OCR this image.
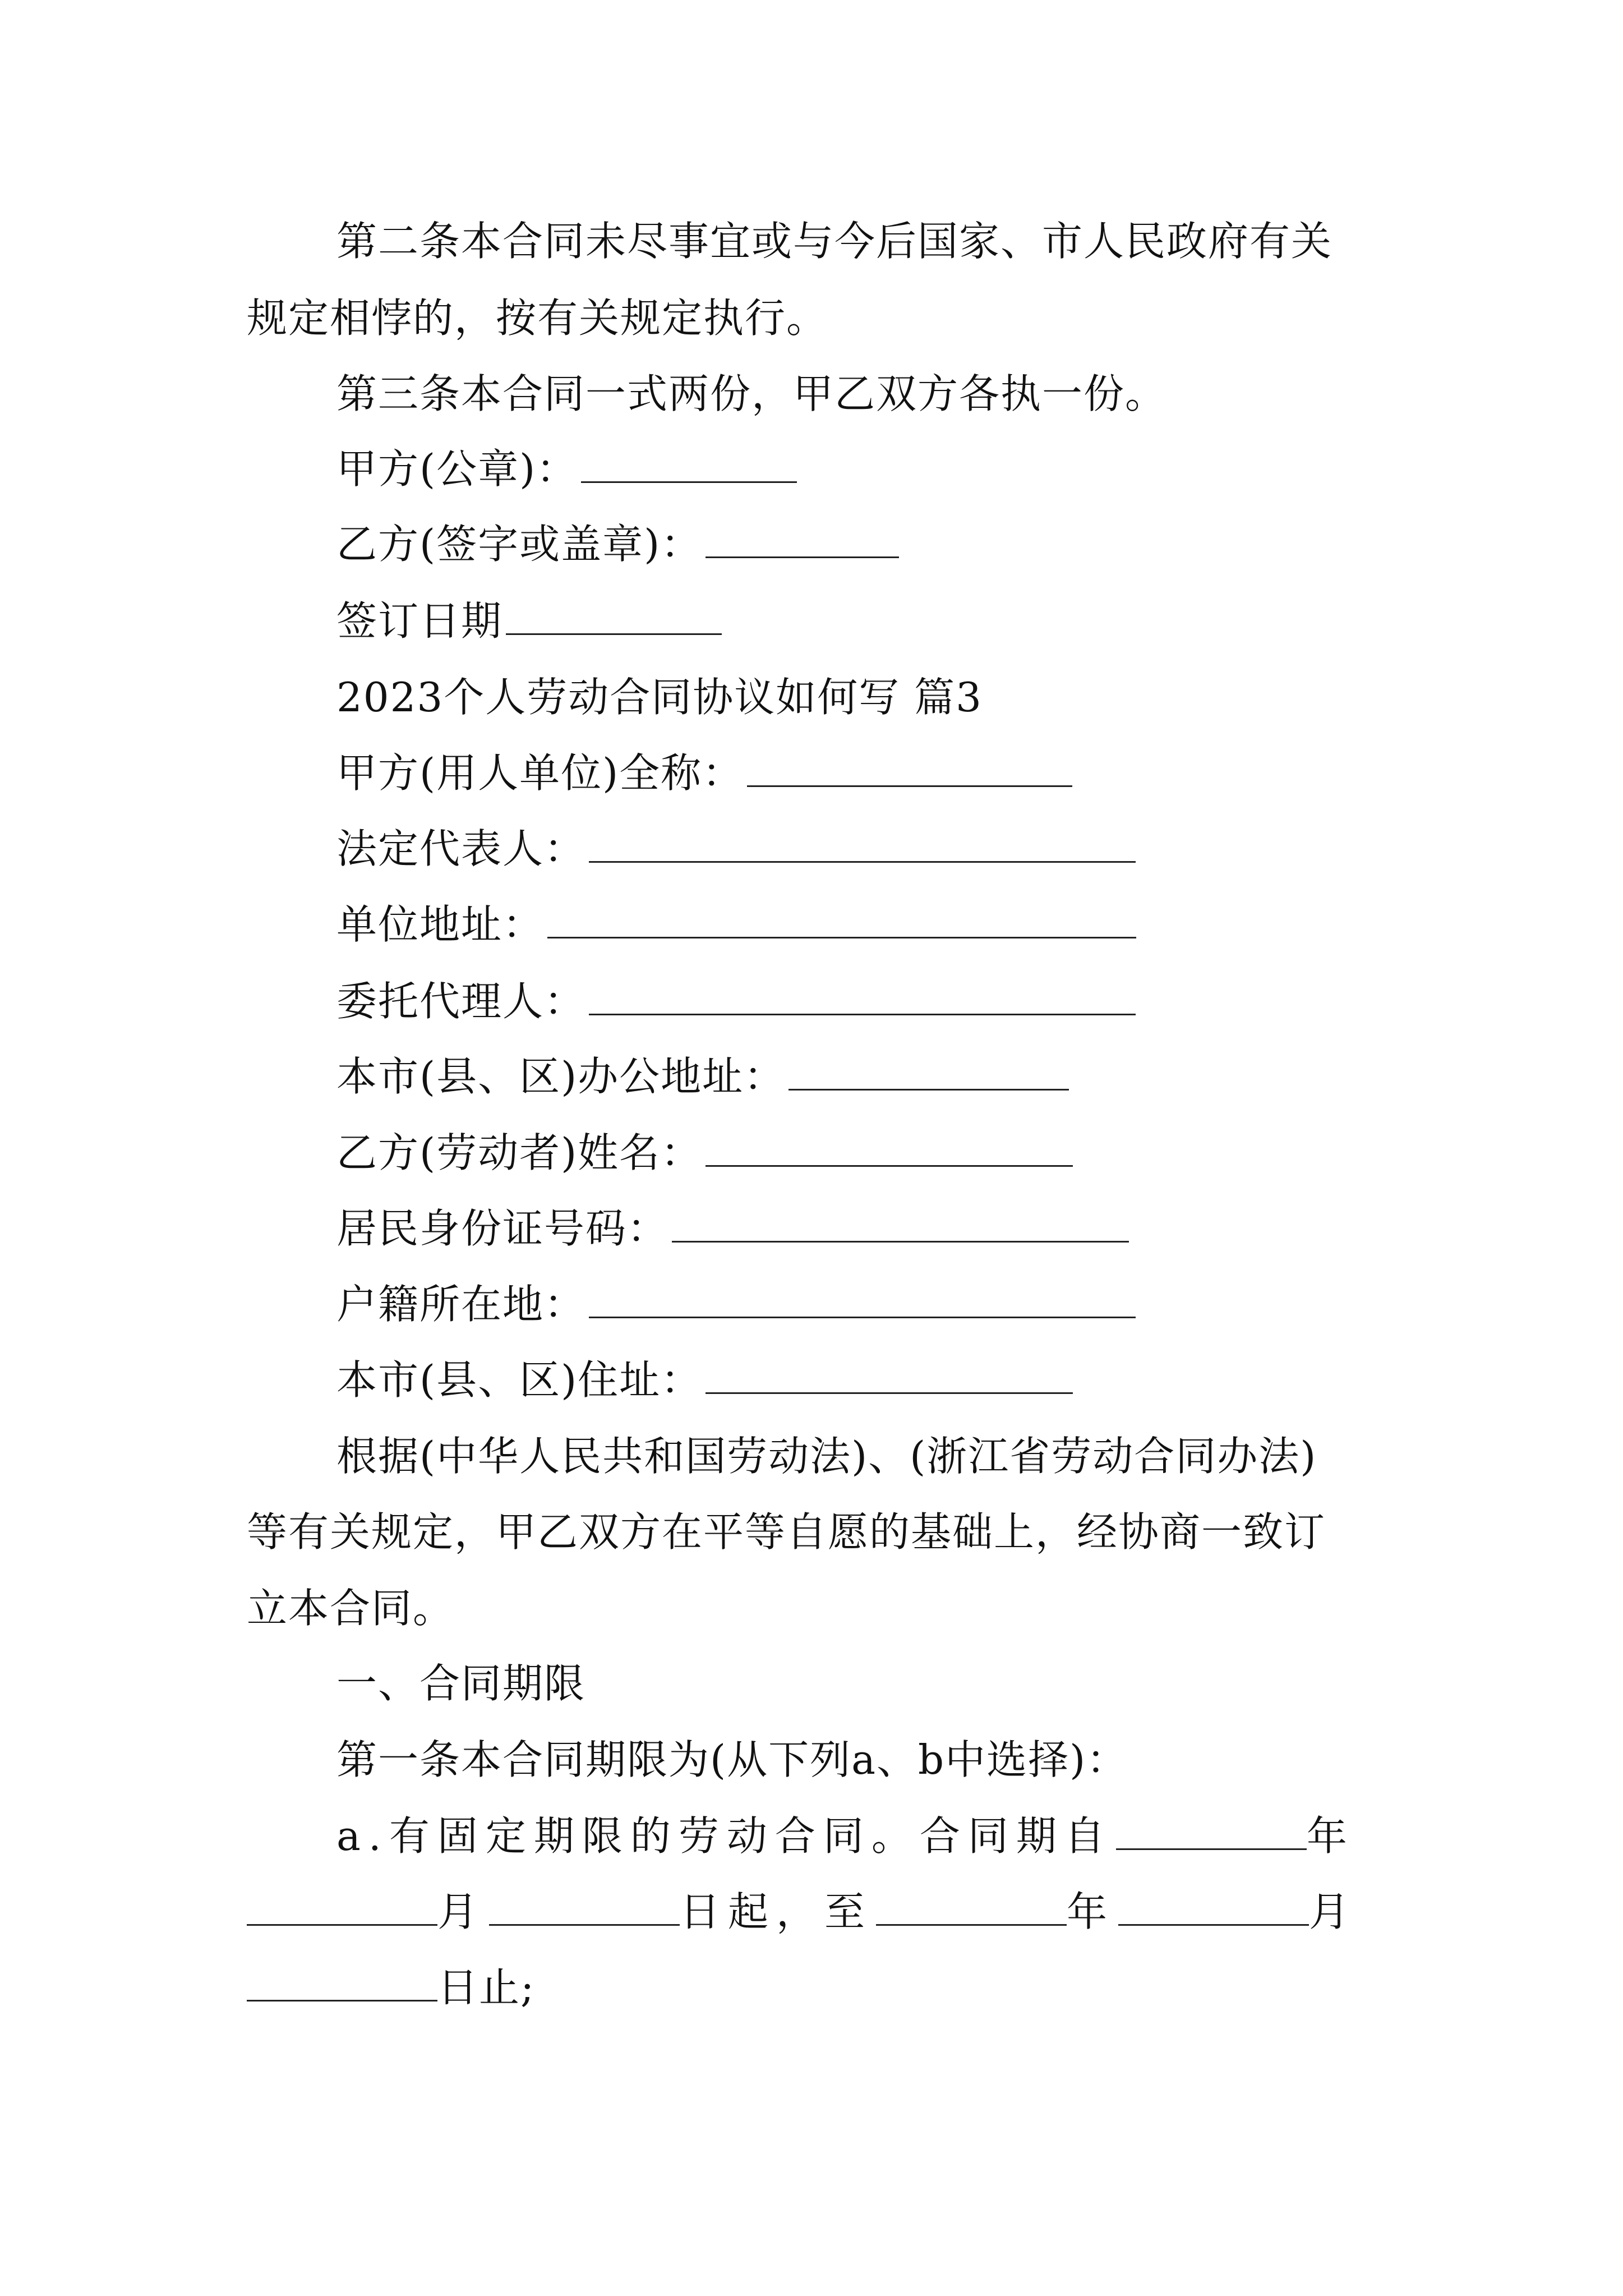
第二条本合同未尽事宜或与今后国家、市人民政府有关
规定相悖的，按有关规定执行。
第三条本合同一式两份，甲乙双方各执一份。
甲方(公章)：
乙方(签字或盖章)：
签订日期
2023个人劳动合同协议如何写 篇3
甲方(用人单位)全称：
法定代表人：
单位地址：
委托代理人：
本市(县、区)办公地址：
乙方(劳动者)姓名：
居民身份证号码：
户籍所在地：
本市(县、区)住址：
根据(中华人民共和国劳动法)、(浙江省劳动合同办法)
等有关规定，甲乙双方在平等自愿的基础上，经协商一致订
立本合同。
一、合同期限
第一条本合同期限为(从下列a、b中选择)：
a.有固定期限的劳动合同。合同期自	年
月	日起，至	年	月
日止;
